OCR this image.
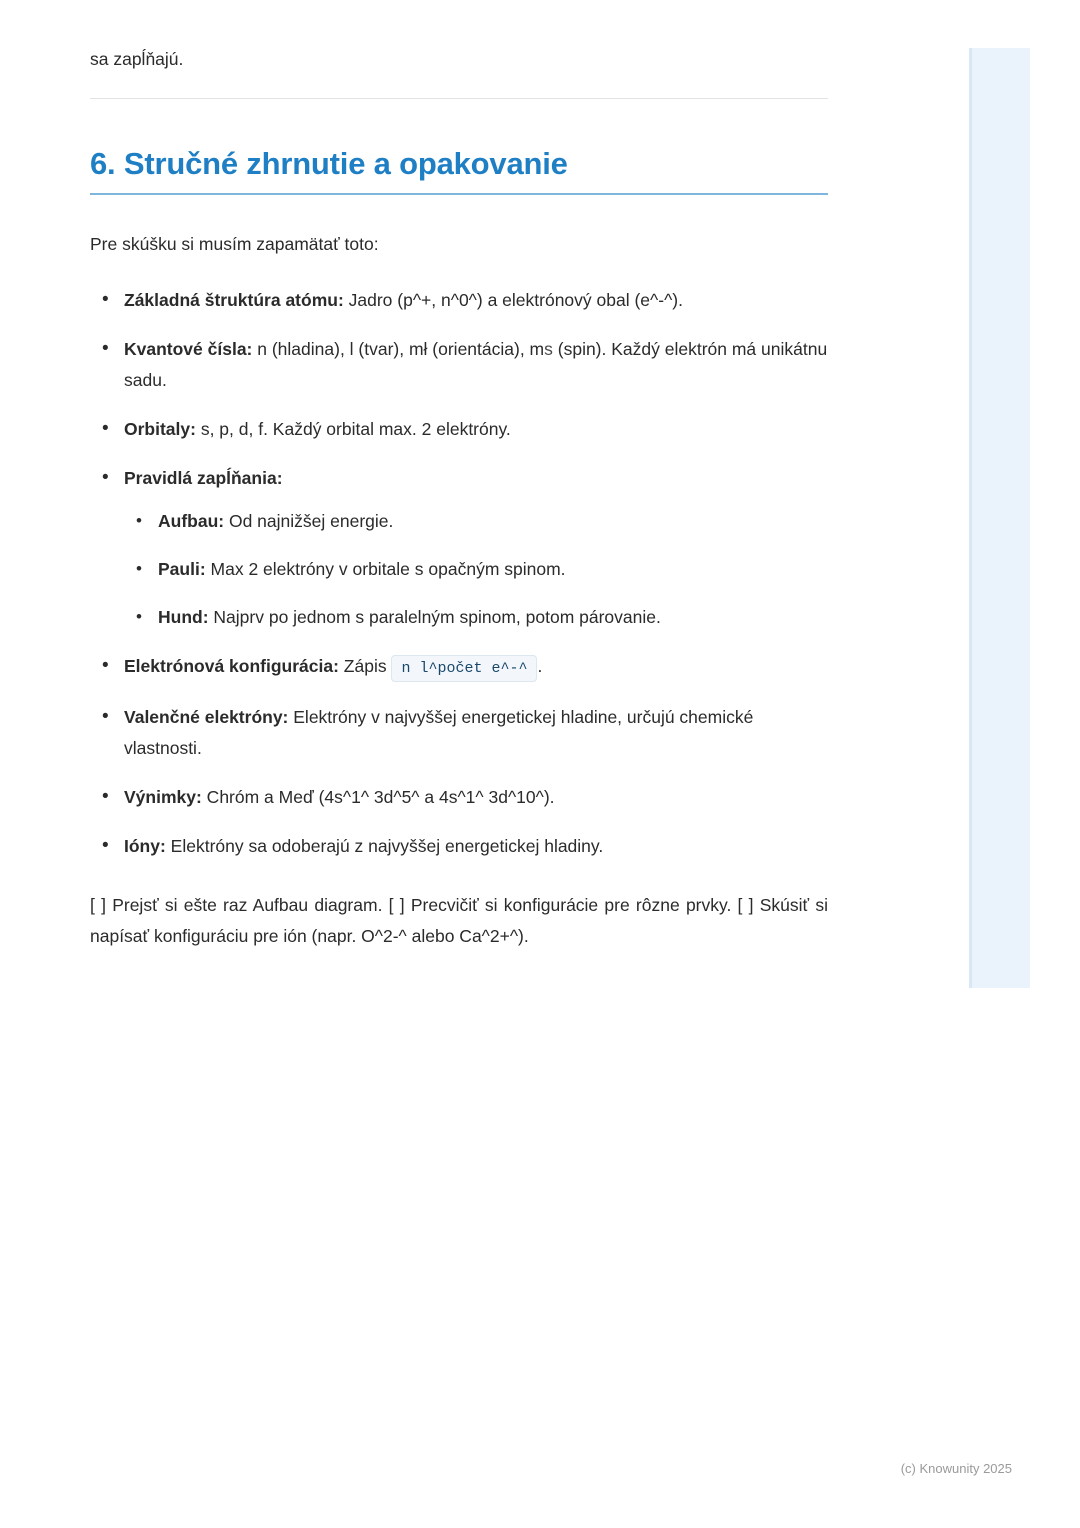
sa zapĺňajú.

6. Stručné zhrnutie a opakovanie

Pre skúšku si musím zapamätať toto:

• Základná štruktúra atómu: Jadro (p^+, n^0^) a elektrónový obal (e^-^).
• Kvantové čísla: n (hladina), l (tvar), mł (orientácia), ms (spin). Každý elektrón má unikátnu sadu.
• Orbitaly: s, p, d, f. Každý orbital max. 2 elektróny.
• Pravidlá zapĺňania:
• Aufbau: Od najnižšej energie.
• Pauli: Max 2 elektróny v orbitale s opačným spinom.
• Hund: Najprv po jednom s paralelným spinom, potom párovanie.
• Elektrónová konfigurácia: Zápis n l^počet e^-^ .
• Valenčné elektróny: Elektróny v najvyššej energetickej hladine, určujú chemické vlastnosti.
• Výnimky: Chróm a Meď (4s^1^ 3d^5^ a 4s^1^ 3d^10^).
• Ióny: Elektróny sa odoberajú z najvyššej energetickej hladiny.

[ ] Prejsť si ešte raz Aufbau diagram. [ ] Precvičiť si konfigurácie pre rôzne prvky. [ ] Skúsiť si napísať konfiguráciu pre ión (napr. O^2-^ alebo Ca^2+^).

(c) Knowunity 2025
